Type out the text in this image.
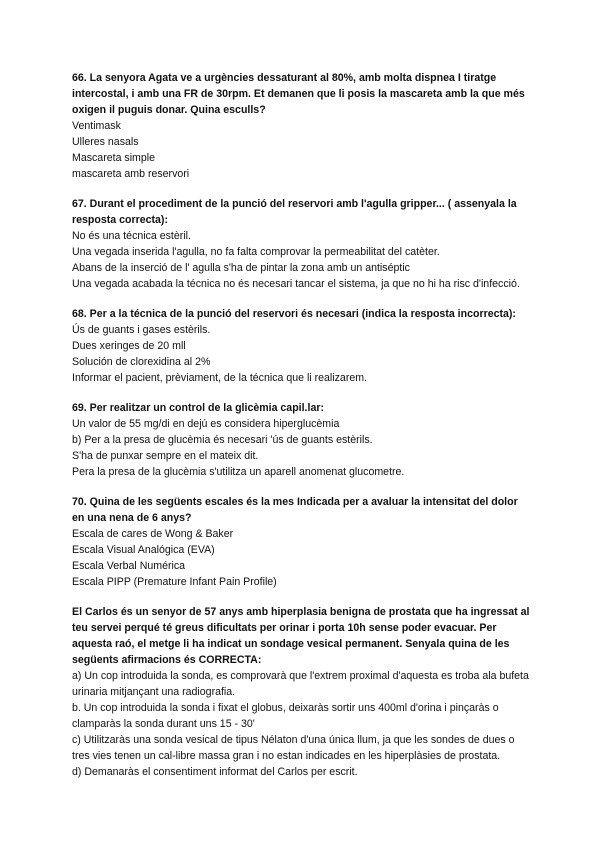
66. La senyora Agata ve a urgències dessaturant al 80%, amb molta dispnea I tiratge intercostal, i amb una FR de 30rpm. Et demanen que li posis la mascareta amb la que més oxigen il puguis donar. Quina esculls?

Ventimask
Ulleres nasals
Mascareta simple
mascareta amb reservori

67. Durant el procediment de la punció del reservori amb l'agulla gripper... ( assenyala la resposta correcta):

No és una técnica estèril.
Una vegada inserida l'agulla, no fa falta comprovar la permeabilitat del catèter.
Abans de la inserció de l' agulla s'ha de pintar la zona amb un antiséptic
Una vegada acabada la técnica no és necesari tancar el sistema, ja que no hi ha risc d'infecció.

68. Per a la técnica de la punció del reservori és necesari (indica la resposta incorrecta):

Ús de guants i gases estèrils.
Dues xeringes de 20 mll
Solución de clorexidina al 2%
Informar el pacient, prèviament, de la técnica que li realizarem.

69. Per realitzar un control de la glicèmia capil.lar:

Un valor de 55 mg/di en dejú es considera hiperglucèmia
b) Per a la presa de glucèmia és necesari 'ús de guants estèrils.
S'ha de punxar sempre en el mateix dit.
Pera la presa de la glucèmia s'utilitza un aparell anomenat glucometre.

70. Quina de les següents escales és la mes Indicada per a avaluar la intensitat del dolor en una nena de 6 anys?

Escala de cares de Wong & Baker
Escala Visual Analógica (EVA)
Escala Verbal Numérica
Escala PIPP (Premature Infant Pain Profile)

El Carlos és un senyor de 57 anys amb hiperplasia benigna de prostata que ha ingressat al teu servei perqué té greus dificultats per orinar i porta 10h sense poder evacuar. Per aquesta raó, el metge li ha indicat un sondage vesical permanent. Senyala quina de les següents afirmacions és CORRECTA:

a) Un cop introduida la sonda, es comprovarà que l'extrem proximal d'aquesta es troba ala bufeta urinaria mitjançant una radiografia.
b. Un cop introduida la sonda i fixat el globus, deixaràs sortir uns 400ml d'orina i pinçaràs o clamparàs la sonda durant uns 15 - 30'
c) Utilitzaràs una sonda vesical de tipus Nélaton d'una única llum, ja que les sondes de dues o tres vies tenen un cal-libre massa gran i no estan indicades en les hiperplàsies de prostata.
d) Demanaràs el consentiment informat del Carlos per escrit.
